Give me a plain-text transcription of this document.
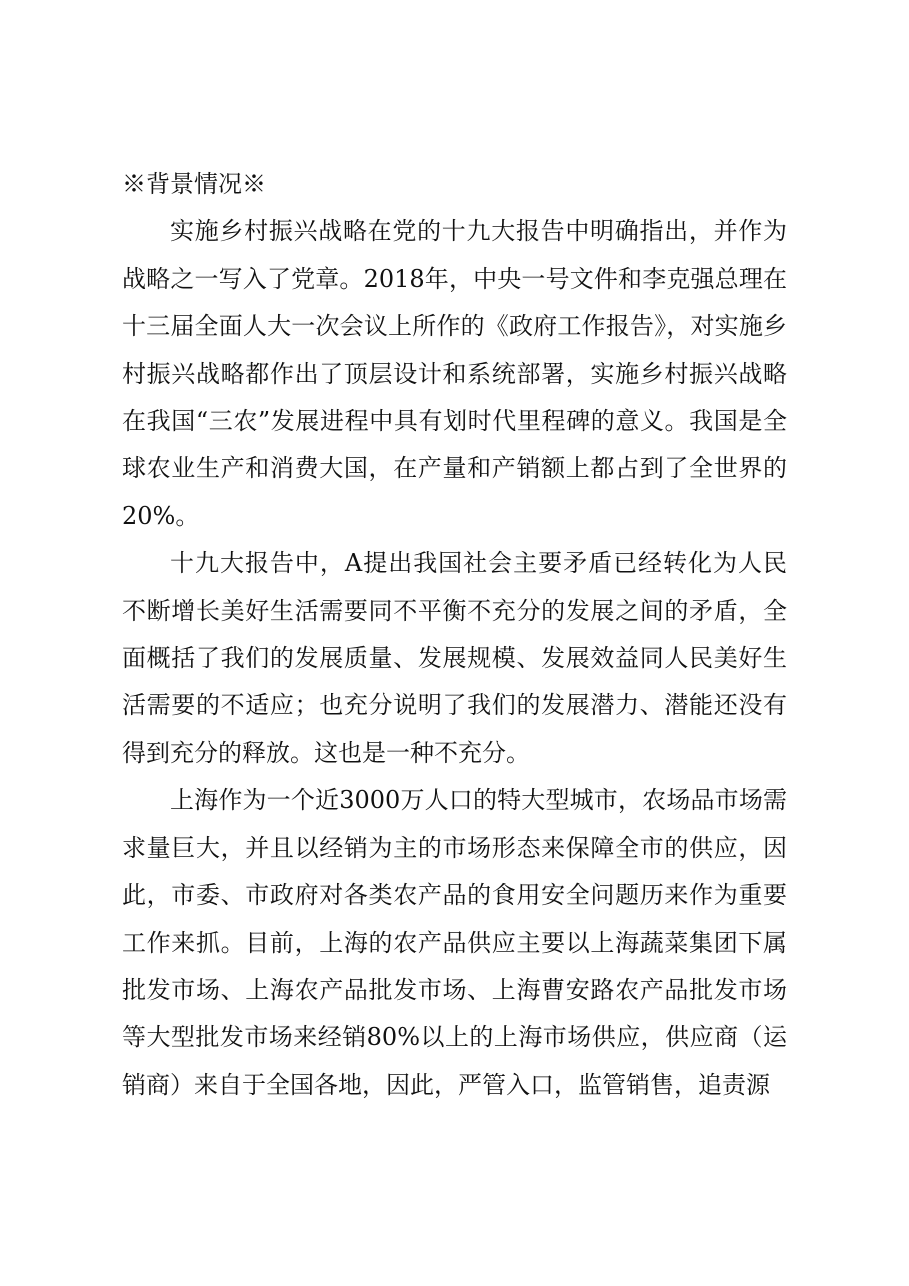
※背景情况※

实施乡村振兴战略在党的十九大报告中明确指出，并作为战略之一写入了党章。2018年，中央一号文件和李克强总理在十三届全面人大一次会议上所作的《政府工作报告》，对实施乡村振兴战略都作出了顶层设计和系统部署，实施乡村振兴战略在我国“三农”发展进程中具有划时代里程碑的意义。我国是全球农业生产和消费大国，在产量和产销额上都占到了全世界的20%。

十九大报告中，A提出我国社会主要矛盾已经转化为人民不断增长美好生活需要同不平衡不充分的发展之间的矛盾，全面概括了我们的发展质量、发展规模、发展效益同人民美好生活需要的不适应；也充分说明了我们的发展潜力、潜能还没有得到充分的释放。这也是一种不充分。

上海作为一个近3000万人口的特大型城市，农场品市场需求量巨大，并且以经销为主的市场形态来保障全市的供应，因此，市委、市政府对各类农产品的食用安全问题历来作为重要工作来抓。目前，上海的农产品供应主要以上海蔬菜集团下属批发市场、上海农产品批发市场、上海曹安路农产品批发市场等大型批发市场来经销80%以上的上海市场供应，供应商（运销商）来自于全国各地，因此，严管入口，监管销售，追责源
